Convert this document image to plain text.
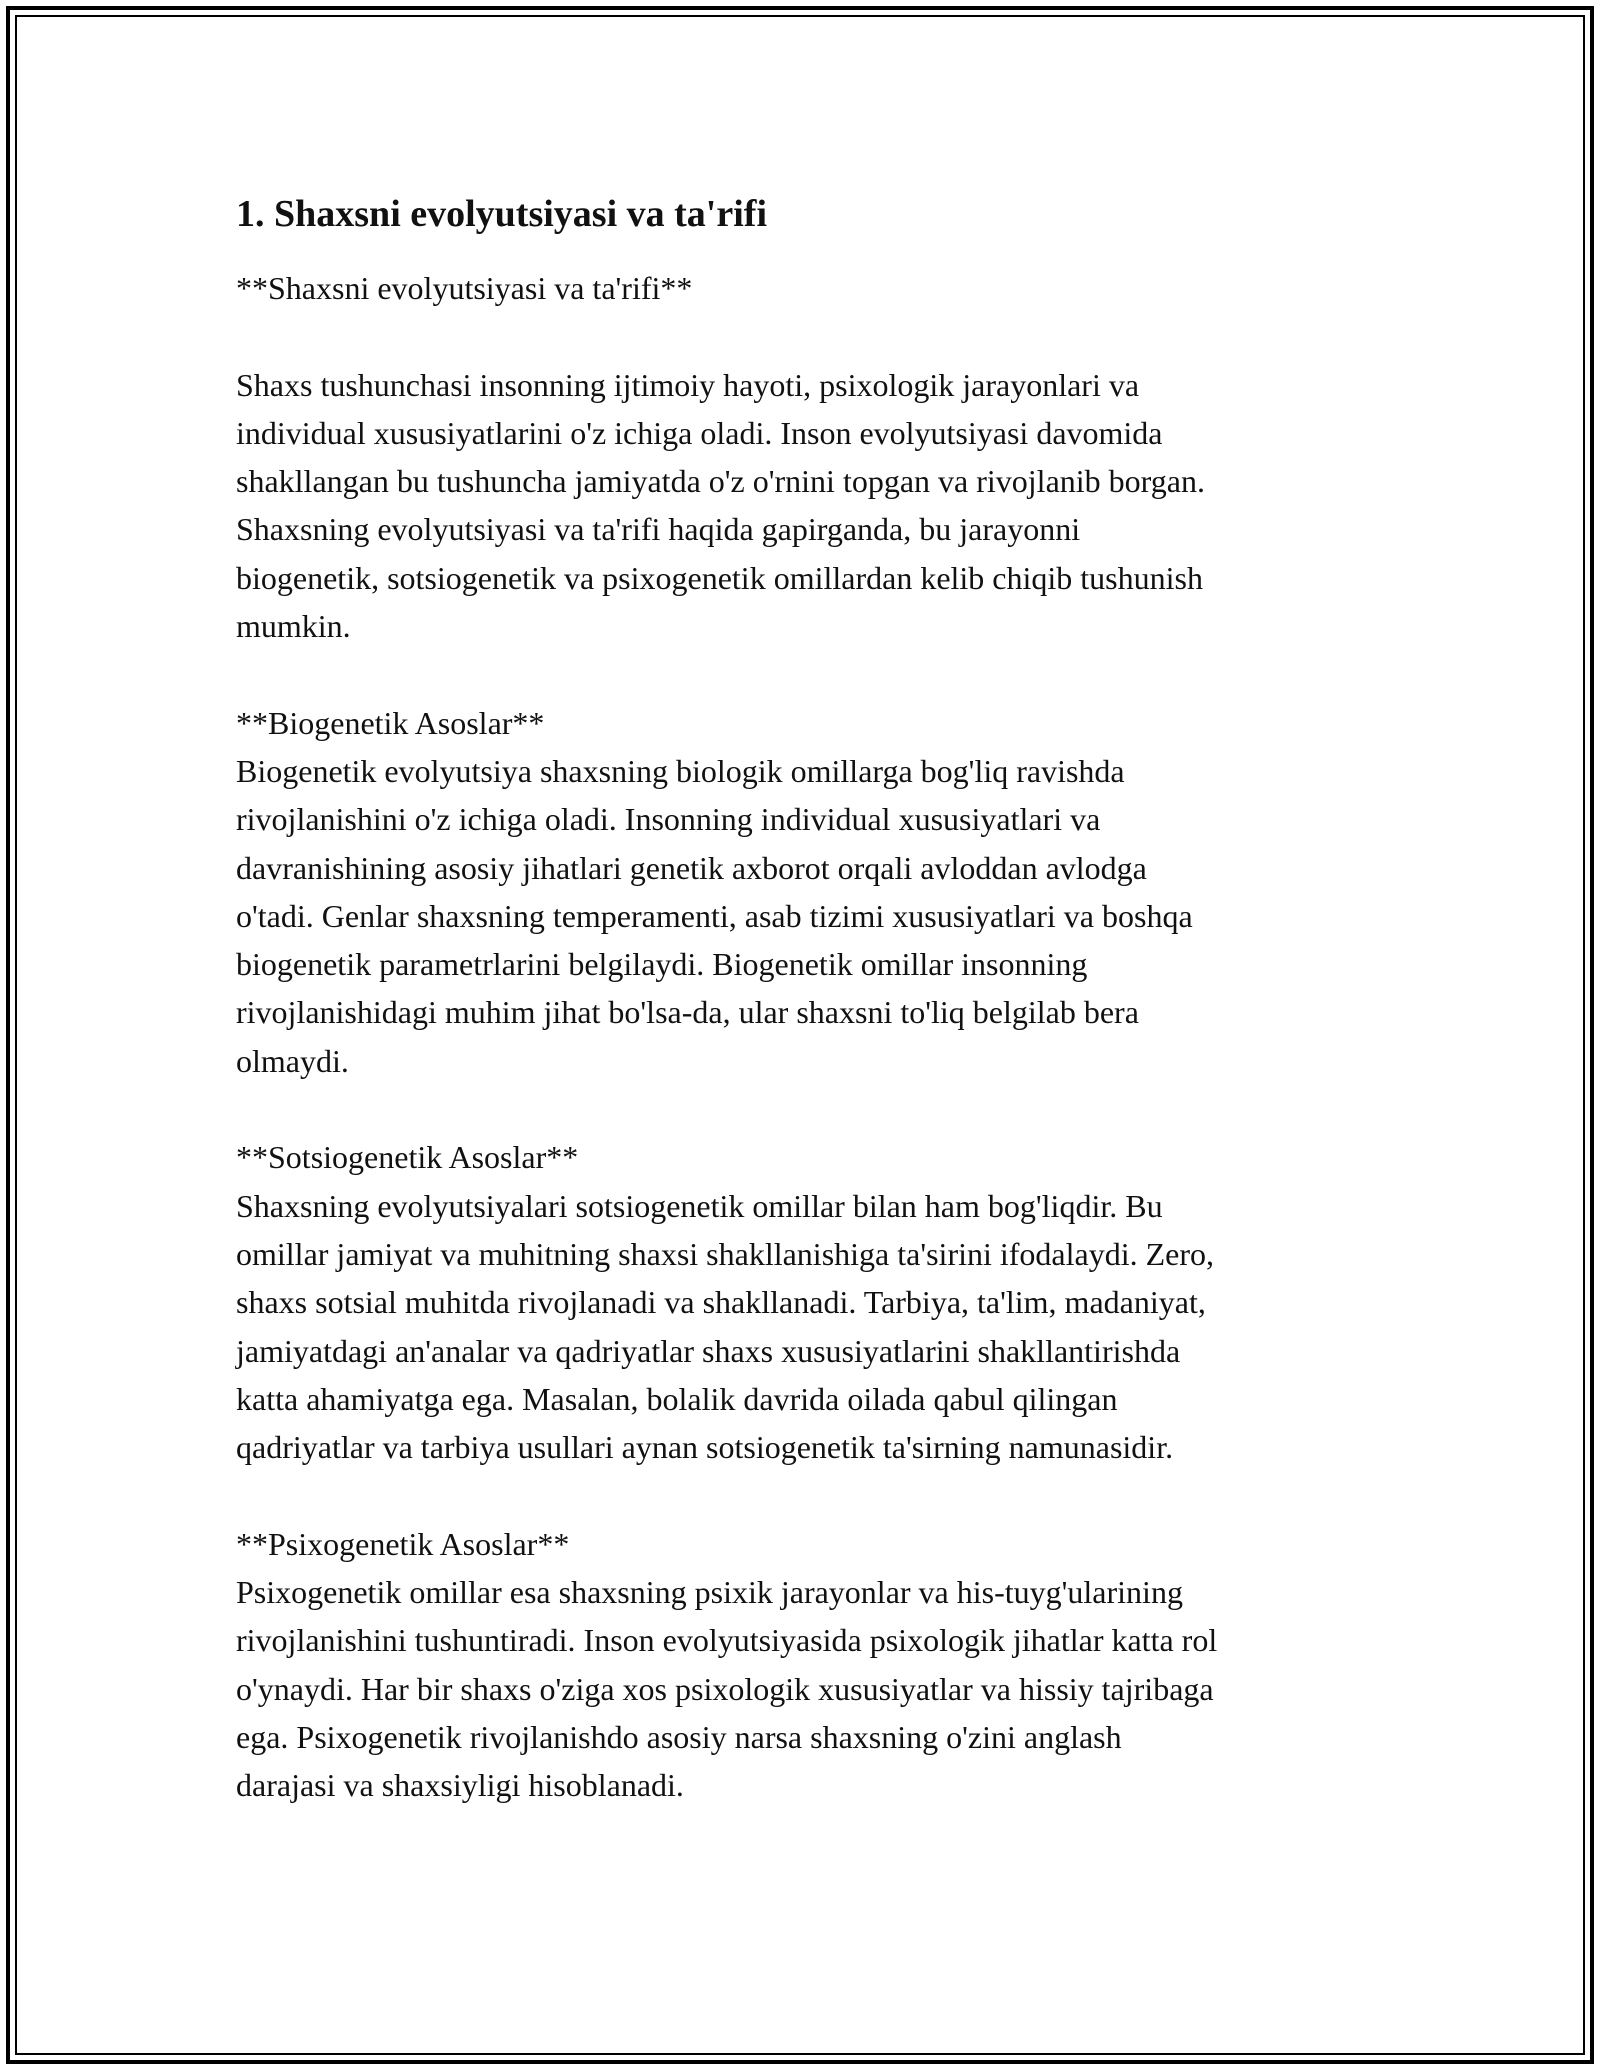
1. Shaxsni evolyutsiyasi va ta'rifi

**Shaxsni evolyutsiyasi va ta'rifi**

Shaxs tushunchasi insonning ijtimoiy hayoti, psixologik jarayonlari va
individual xususiyatlarini o'z ichiga oladi. Inson evolyutsiyasi davomida
shakllangan bu tushuncha jamiyatda o'z o'rnini topgan va rivojlanib borgan.
Shaxsning evolyutsiyasi va ta'rifi haqida gapirganda, bu jarayonni
biogenetik, sotsiogenetik va psixogenetik omillardan kelib chiqib tushunish
mumkin.

**Biogenetik Asoslar**

Biogenetik evolyutsiya shaxsning biologik omillarga bog'liq ravishda
rivojlanishini o'z ichiga oladi. Insonning individual xususiyatlari va
davranishining asosiy jihatlari genetik axborot orqali avloddan avlodga
o'tadi. Genlar shaxsning temperamenti, asab tizimi xususiyatlari va boshqa
biogenetik parametrlarini belgilaydi. Biogenetik omillar insonning
rivojlanishidagi muhim jihat bo'lsa-da, ular shaxsni to'liq belgilab bera
olmaydi.

**Sotsiogenetik Asoslar**

Shaxsning evolyutsiyalari sotsiogenetik omillar bilan ham bog'liqdir. Bu
omillar jamiyat va muhitning shaxsi shakllanishiga ta'sirini ifodalaydi. Zero,
shaxs sotsial muhitda rivojlanadi va shakllanadi. Tarbiya, ta'lim, madaniyat,
jamiyatdagi an'analar va qadriyatlar shaxs xususiyatlarini shakllantirishda
katta ahamiyatga ega. Masalan, bolalik davrida oilada qabul qilingan
qadriyatlar va tarbiya usullari aynan sotsiogenetik ta'sirning namunasidir.

**Psixogenetik Asoslar**

Psixogenetik omillar esa shaxsning psixik jarayonlar va his-tuyg'ularining
rivojlanishini tushuntiradi. Inson evolyutsiyasida psixologik jihatlar katta rol
o'ynaydi. Har bir shaxs o'ziga xos psixologik xususiyatlar va hissiy tajribaga
ega. Psixogenetik rivojlanishdo asosiy narsa shaxsning o'zini anglash
darajasi va shaxsiyligi hisoblanadi.
